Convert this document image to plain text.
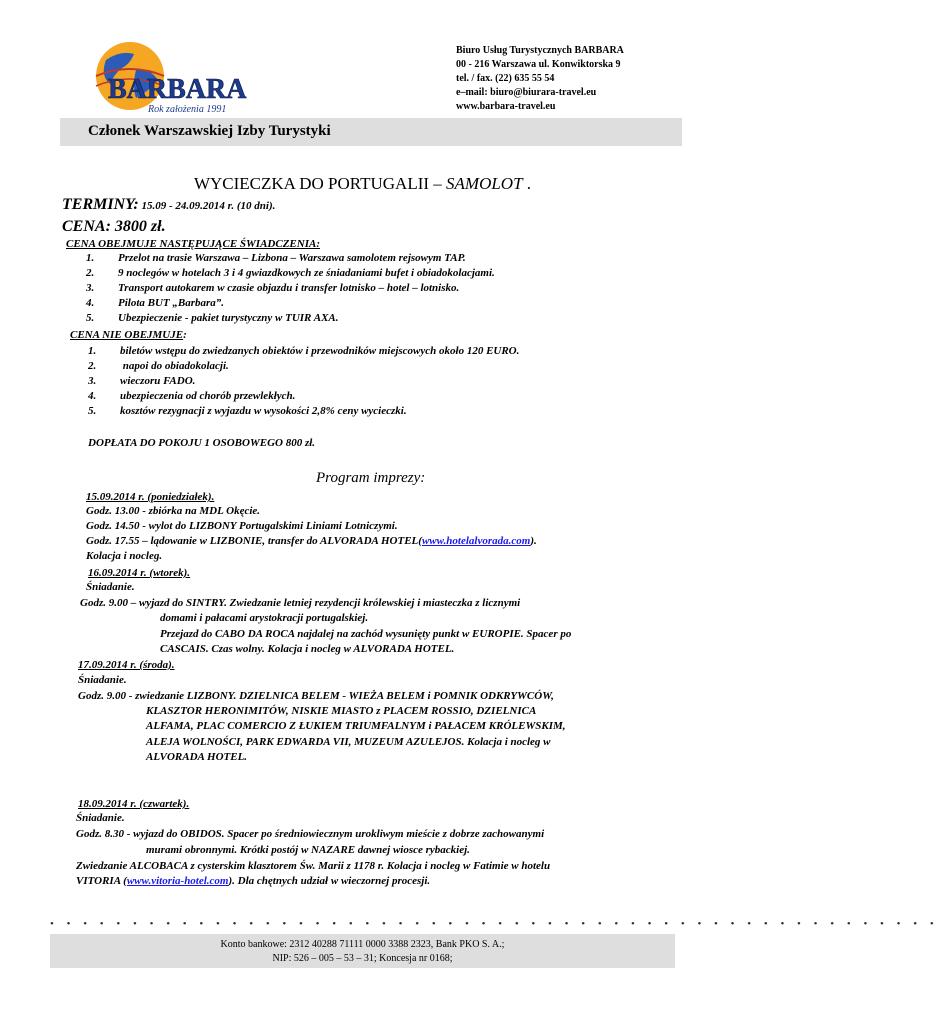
BARBARA
Rok założenia 1991
Biuro Usług Turystycznych BARBARA
00 - 216 Warszawa ul. Konwiktorska 9
tel. / fax. (22) 635 55 54
e–mail: biuro@biurara-travel.eu
www.barbara-travel.eu
Członek Warszawskiej Izby Turystyki
WYCIECZKA DO PORTUGALII – SAMOLOT .
TERMINY: 15.09 - 24.09.2014 r. (10 dni).
CENA: 3800 zł.
CENA OBEJMUJE NASTĘPUJĄCE ŚWIADCZENIA:
1. Przelot na trasie Warszawa – Lizbona – Warszawa samolotem rejsowym TAP.
2. 9 noclegów w hotelach 3 i 4 gwiazdkowych ze śniadaniami bufet i obiadokolacjami.
3. Transport autokarem w czasie objazdu i transfer lotnisko – hotel – lotnisko.
4. Pilota BUT „Barbara”.
5. Ubezpieczenie - pakiet turystyczny w TUIR AXA.
CENA NIE OBEJMUJE:
1. biletów wstępu do zwiedzanych obiektów i przewodników miejscowych około 120 EURO.
2. napoi do obiadokolacji.
3. wieczoru FADO.
4. ubezpieczenia od chorób przewlekłych.
5. kosztów rezygnacji z wyjazdu w wysokości 2,8% ceny wycieczki.
DOPŁATA DO POKOJU 1 OSOBOWEGO 800 zł.
Program imprezy:
15.09.2014 r. (poniedziałek).
Godz. 13.00 - zbiórka na MDL Okęcie.
Godz. 14.50 - wylot do LIZBONY Portugalskimi Liniami Lotniczymi.
Godz. 17.55 – lądowanie w LIZBONIE, transfer do ALVORADA HOTEL(www.hotelalvorada.com).
Kolacja i nocleg.
16.09.2014 r. (wtorek).
Śniadanie.
Godz. 9.00 – wyjazd do SINTRY. Zwiedzanie letniej rezydencji królewskiej i miasteczka z licznymi
domami i pałacami arystokracji portugalskiej.
Przejazd do CABO DA ROCA najdalej na zachód wysunięty punkt w EUROPIE. Spacer po
CASCAIS. Czas wolny. Kolacja i nocleg w ALVORADA HOTEL.
17.09.2014 r. (środa).
Śniadanie.
Godz. 9.00 - zwiedzanie LIZBONY. DZIELNICA BELEM - WIEŻA BELEM i POMNIK ODKRYWCÓW,
KLASZTOR HERONIMITÓW, NISKIE MIASTO z PLACEM ROSSIO, DZIELNICA
ALFAMA, PLAC COMERCIO Z ŁUKIEM TRIUMFALNYM i PAŁACEM KRÓLEWSKIM,
ALEJA WOLNOŚCI, PARK EDWARDA VII, MUZEUM AZULEJOS. Kolacja i nocleg w
ALVORADA HOTEL.
18.09.2014 r. (czwartek).
Śniadanie.
Godz. 8.30 - wyjazd do OBIDOS. Spacer po średniowiecznym urokliwym mieście z dobrze zachowanymi
murami obronnymi. Krótki postój w NAZARE dawnej wiosce rybackiej.
Zwiedzanie ALCOBACA z cysterskim klasztorem Św. Marii z 1178 r. Kolacja i nocleg w Fatimie w hotelu
VITORIA (www.vitoria-hotel.com). Dla chętnych udział w wieczornej procesji.
• • • • • • • • • • • • • • • • • • • • • • • • • • • • • • • • • • • • • • • • • • • • • • • • • • • • • •
Konto bankowe: 2312 40288 71111 0000 3388 2323, Bank PKO S. A.;
NIP: 526 – 005 – 53 – 31; Koncesja nr 0168;
